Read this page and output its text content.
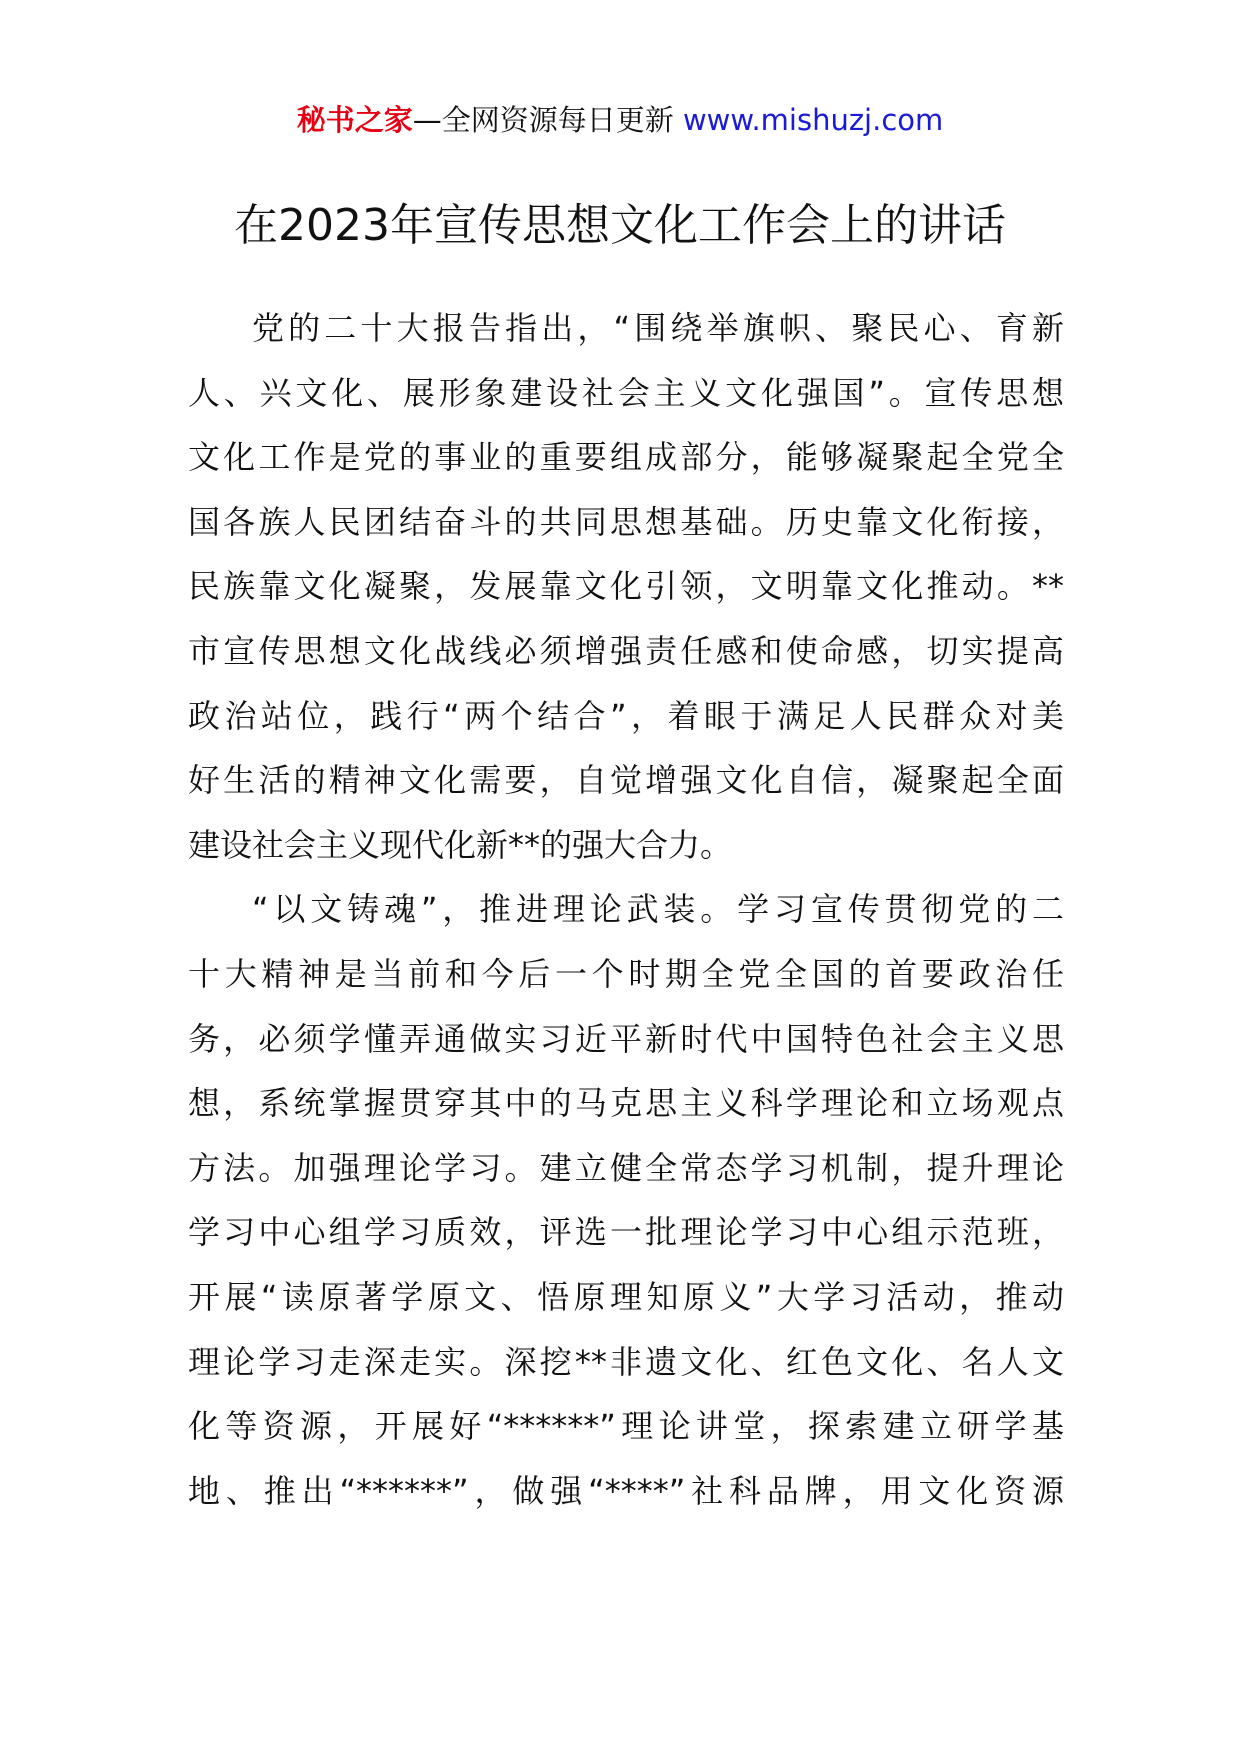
秘书之家—全网资源每日更新 www.mishuzj.com
在2023年宣传思想文化工作会上的讲话
党的二十大报告指出，“围绕举旗帜、聚民心、育新
人、兴文化、展形象建设社会主义文化强国”。宣传思想
文化工作是党的事业的重要组成部分，能够凝聚起全党全
国各族人民团结奋斗的共同思想基础。历史靠文化衔接，
民族靠文化凝聚，发展靠文化引领，文明靠文化推动。**
市宣传思想文化战线必须增强责任感和使命感，切实提高
政治站位，践行“两个结合”，着眼于满足人民群众对美
好生活的精神文化需要，自觉增强文化自信，凝聚起全面
建设社会主义现代化新**的强大合力。
“以文铸魂”，推进理论武装。学习宣传贯彻党的二
十大精神是当前和今后一个时期全党全国的首要政治任
务，必须学懂弄通做实习近平新时代中国特色社会主义思
想，系统掌握贯穿其中的马克思主义科学理论和立场观点
方法。加强理论学习。建立健全常态学习机制，提升理论
学习中心组学习质效，评选一批理论学习中心组示范班，
开展“读原著学原文、悟原理知原义”大学习活动，推动
理论学习走深走实。深挖**非遗文化、红色文化、名人文
化等资源，开展好“******”理论讲堂，探索建立研学基
地、推出“******”，做强“****”社科品牌，用文化资源
